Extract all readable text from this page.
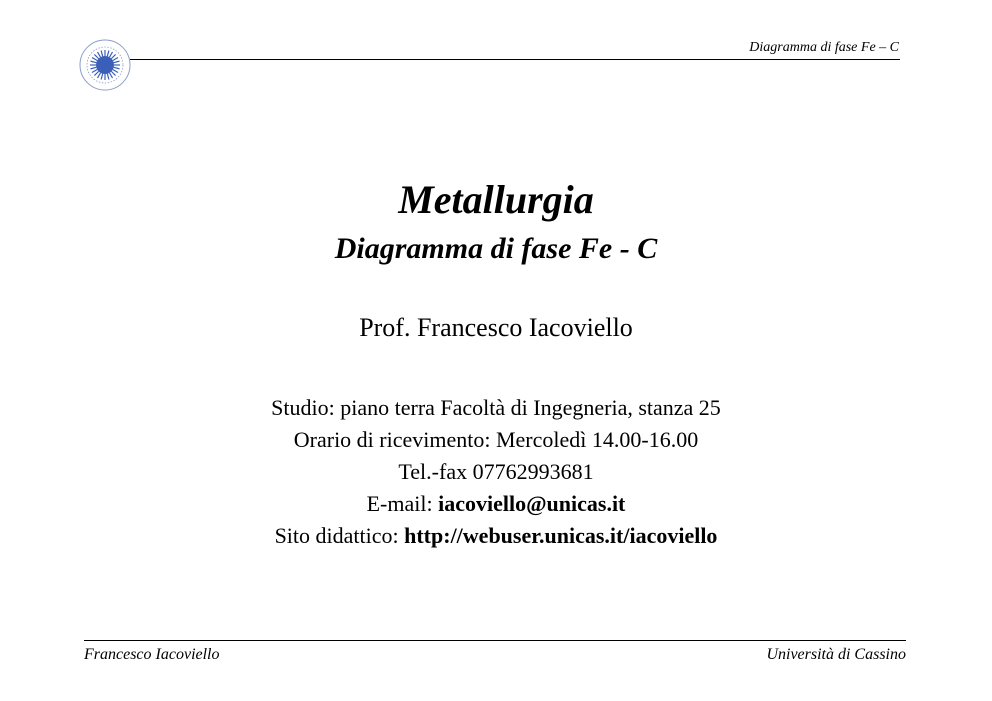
Diagramma di fase Fe – C
Metallurgia
Diagramma di fase Fe - C
Prof. Francesco Iacoviello
Studio: piano terra Facoltà di Ingegneria, stanza 25
Orario di ricevimento: Mercoledì 14.00-16.00
Tel.-fax 07762993681
E-mail: iacoviello@unicas.it
Sito didattico: http://webuser.unicas.it/iacoviello
Francesco Iacoviello	Università di Cassino
